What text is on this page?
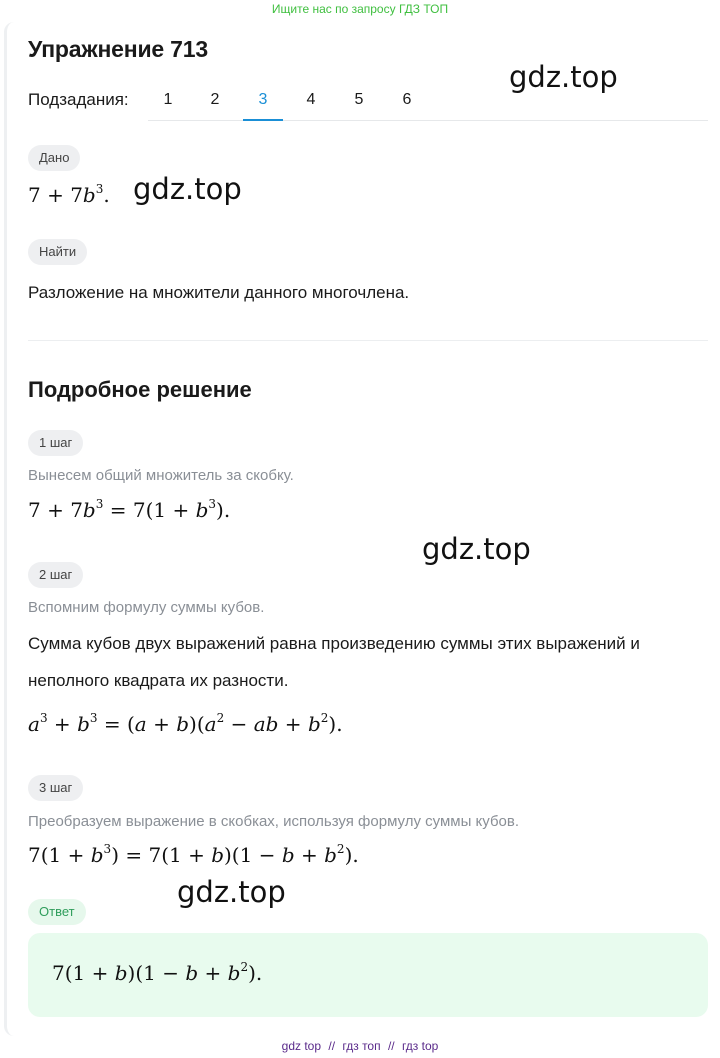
Ищите нас по запросу ГДЗ ТОП
Упражнение 713
gdz.top
Подзадания:	1	2	3	4	5	6
Дано
$7 + 7b^3$. gdz.top
Найти
Разложение на множители данного многочлена.
Подробное решение
1 шаг
Вынесем общий множитель за скобку.
$7 + 7b^3 = 7(1 + b^3)$.
gdz.top
2 шаг
Вспомним формулу суммы кубов.
Сумма кубов двух выражений равна произведению суммы этих выражений и
неполного квадрата их разности.
$a^3 + b^3 = (a + b)(a^2$ − ab + $b^2$).
3 шаг
Преобразуем выражение в скобках, используя формулу суммы кубов.
$7(1 + b^3) = 7(1 + b)(1 - b + b^2)$.
gdz.top
Ответ
$7(1 + b)(1 - b + b^2)$.
gdz top // гдз топ // гдз top
